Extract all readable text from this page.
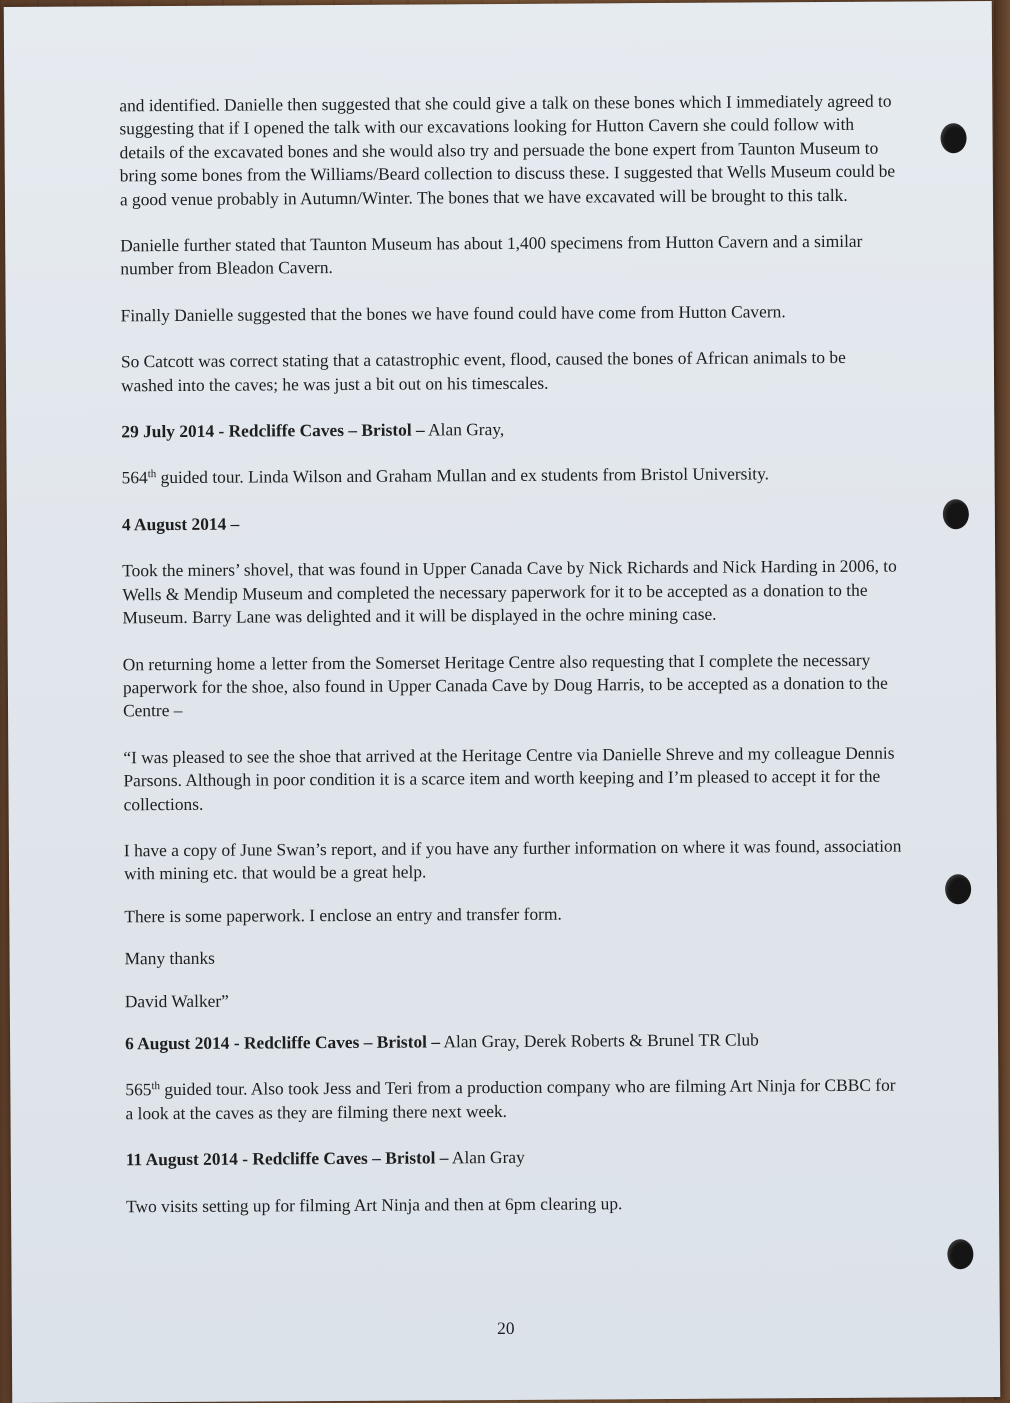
and identified. Danielle then suggested that she could give a talk on these bones which I immediately agreed to suggesting that if I opened the talk with our excavations looking for Hutton Cavern she could follow with details of the excavated bones and she would also try and persuade the bone expert from Taunton Museum to bring some bones from the Williams/Beard collection to discuss these. I suggested that Wells Museum could be a good venue probably in Autumn/Winter. The bones that we have excavated will be brought to this talk.

Danielle further stated that Taunton Museum has about 1,400 specimens from Hutton Cavern and a similar number from Bleadon Cavern.

Finally Danielle suggested that the bones we have found could have come from Hutton Cavern.

So Catcott was correct stating that a catastrophic event, flood, caused the bones of African animals to be washed into the caves; he was just a bit out on his timescales.

29 July 2014 - Redcliffe Caves – Bristol – Alan Gray,

564th guided tour. Linda Wilson and Graham Mullan and ex students from Bristol University.

4 August 2014 –

Took the miners’ shovel, that was found in Upper Canada Cave by Nick Richards and Nick Harding in 2006, to Wells & Mendip Museum and completed the necessary paperwork for it to be accepted as a donation to the Museum. Barry Lane was delighted and it will be displayed in the ochre mining case.

On returning home a letter from the Somerset Heritage Centre also requesting that I complete the necessary paperwork for the shoe, also found in Upper Canada Cave by Doug Harris, to be accepted as a donation to the Centre –

“I was pleased to see the shoe that arrived at the Heritage Centre via Danielle Shreve and my colleague Dennis Parsons. Although in poor condition it is a scarce item and worth keeping and I’m pleased to accept it for the collections.

I have a copy of June Swan’s report, and if you have any further information on where it was found, association with mining etc. that would be a great help.

There is some paperwork. I enclose an entry and transfer form.

Many thanks

David Walker”

6 August 2014 - Redcliffe Caves – Bristol – Alan Gray, Derek Roberts & Brunel TR Club

565th guided tour. Also took Jess and Teri from a production company who are filming Art Ninja for CBBC for a look at the caves as they are filming there next week.

11 August 2014 - Redcliffe Caves – Bristol – Alan Gray

Two visits setting up for filming Art Ninja and then at 6pm clearing up.

20
